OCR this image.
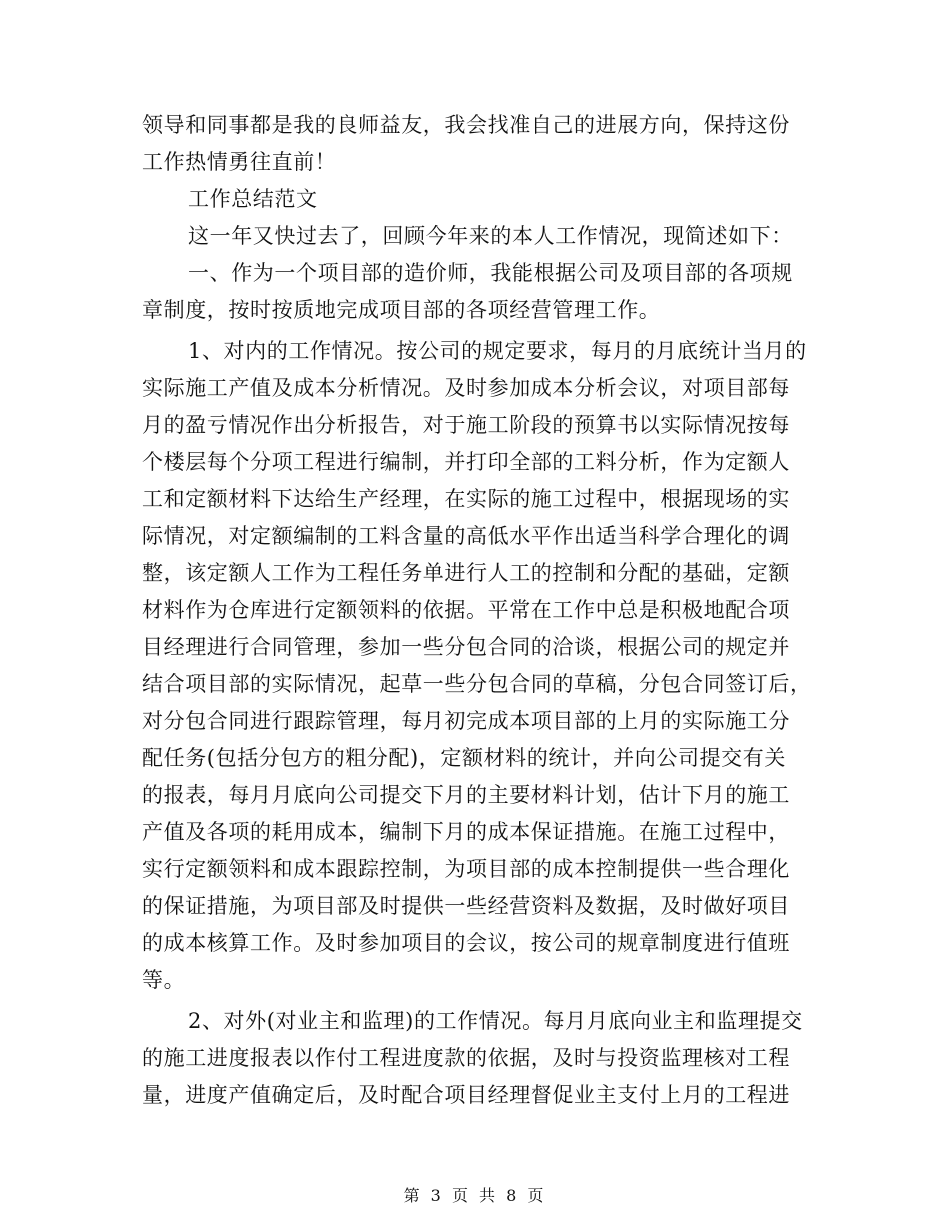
领导和同事都是我的良师益友，我会找准自己的进展方向，保持这份
工作热情勇往直前！
工作总结范文
这一年又快过去了，回顾今年来的本人工作情况，现简述如下：
一、作为一个项目部的造价师，我能根据公司及项目部的各项规
章制度，按时按质地完成项目部的各项经营管理工作。
1、对内的工作情况。按公司的规定要求，每月的月底统计当月的
实际施工产值及成本分析情况。及时参加成本分析会议，对项目部每
月的盈亏情况作出分析报告，对于施工阶段的预算书以实际情况按每
个楼层每个分项工程进行编制，并打印全部的工料分析，作为定额人
工和定额材料下达给生产经理，在实际的施工过程中，根据现场的实
际情况，对定额编制的工料含量的高低水平作出适当科学合理化的调
整，该定额人工作为工程任务单进行人工的控制和分配的基础，定额
材料作为仓库进行定额领料的依据。平常在工作中总是积极地配合项
目经理进行合同管理，参加一些分包合同的洽谈，根据公司的规定并
结合项目部的实际情况，起草一些分包合同的草稿，分包合同签订后，
对分包合同进行跟踪管理，每月初完成本项目部的上月的实际施工分
配任务(包括分包方的粗分配)，定额材料的统计，并向公司提交有关
的报表，每月月底向公司提交下月的主要材料计划，估计下月的施工
产值及各项的耗用成本，编制下月的成本保证措施。在施工过程中，
实行定额领料和成本跟踪控制，为项目部的成本控制提供一些合理化
的保证措施，为项目部及时提供一些经营资料及数据，及时做好项目
的成本核算工作。及时参加项目的会议，按公司的规章制度进行值班
等。
2、对外(对业主和监理)的工作情况。每月月底向业主和监理提交
的施工进度报表以作付工程进度款的依据，及时与投资监理核对工程
量，进度产值确定后，及时配合项目经理督促业主支付上月的工程进
第 3 页 共 8 页
